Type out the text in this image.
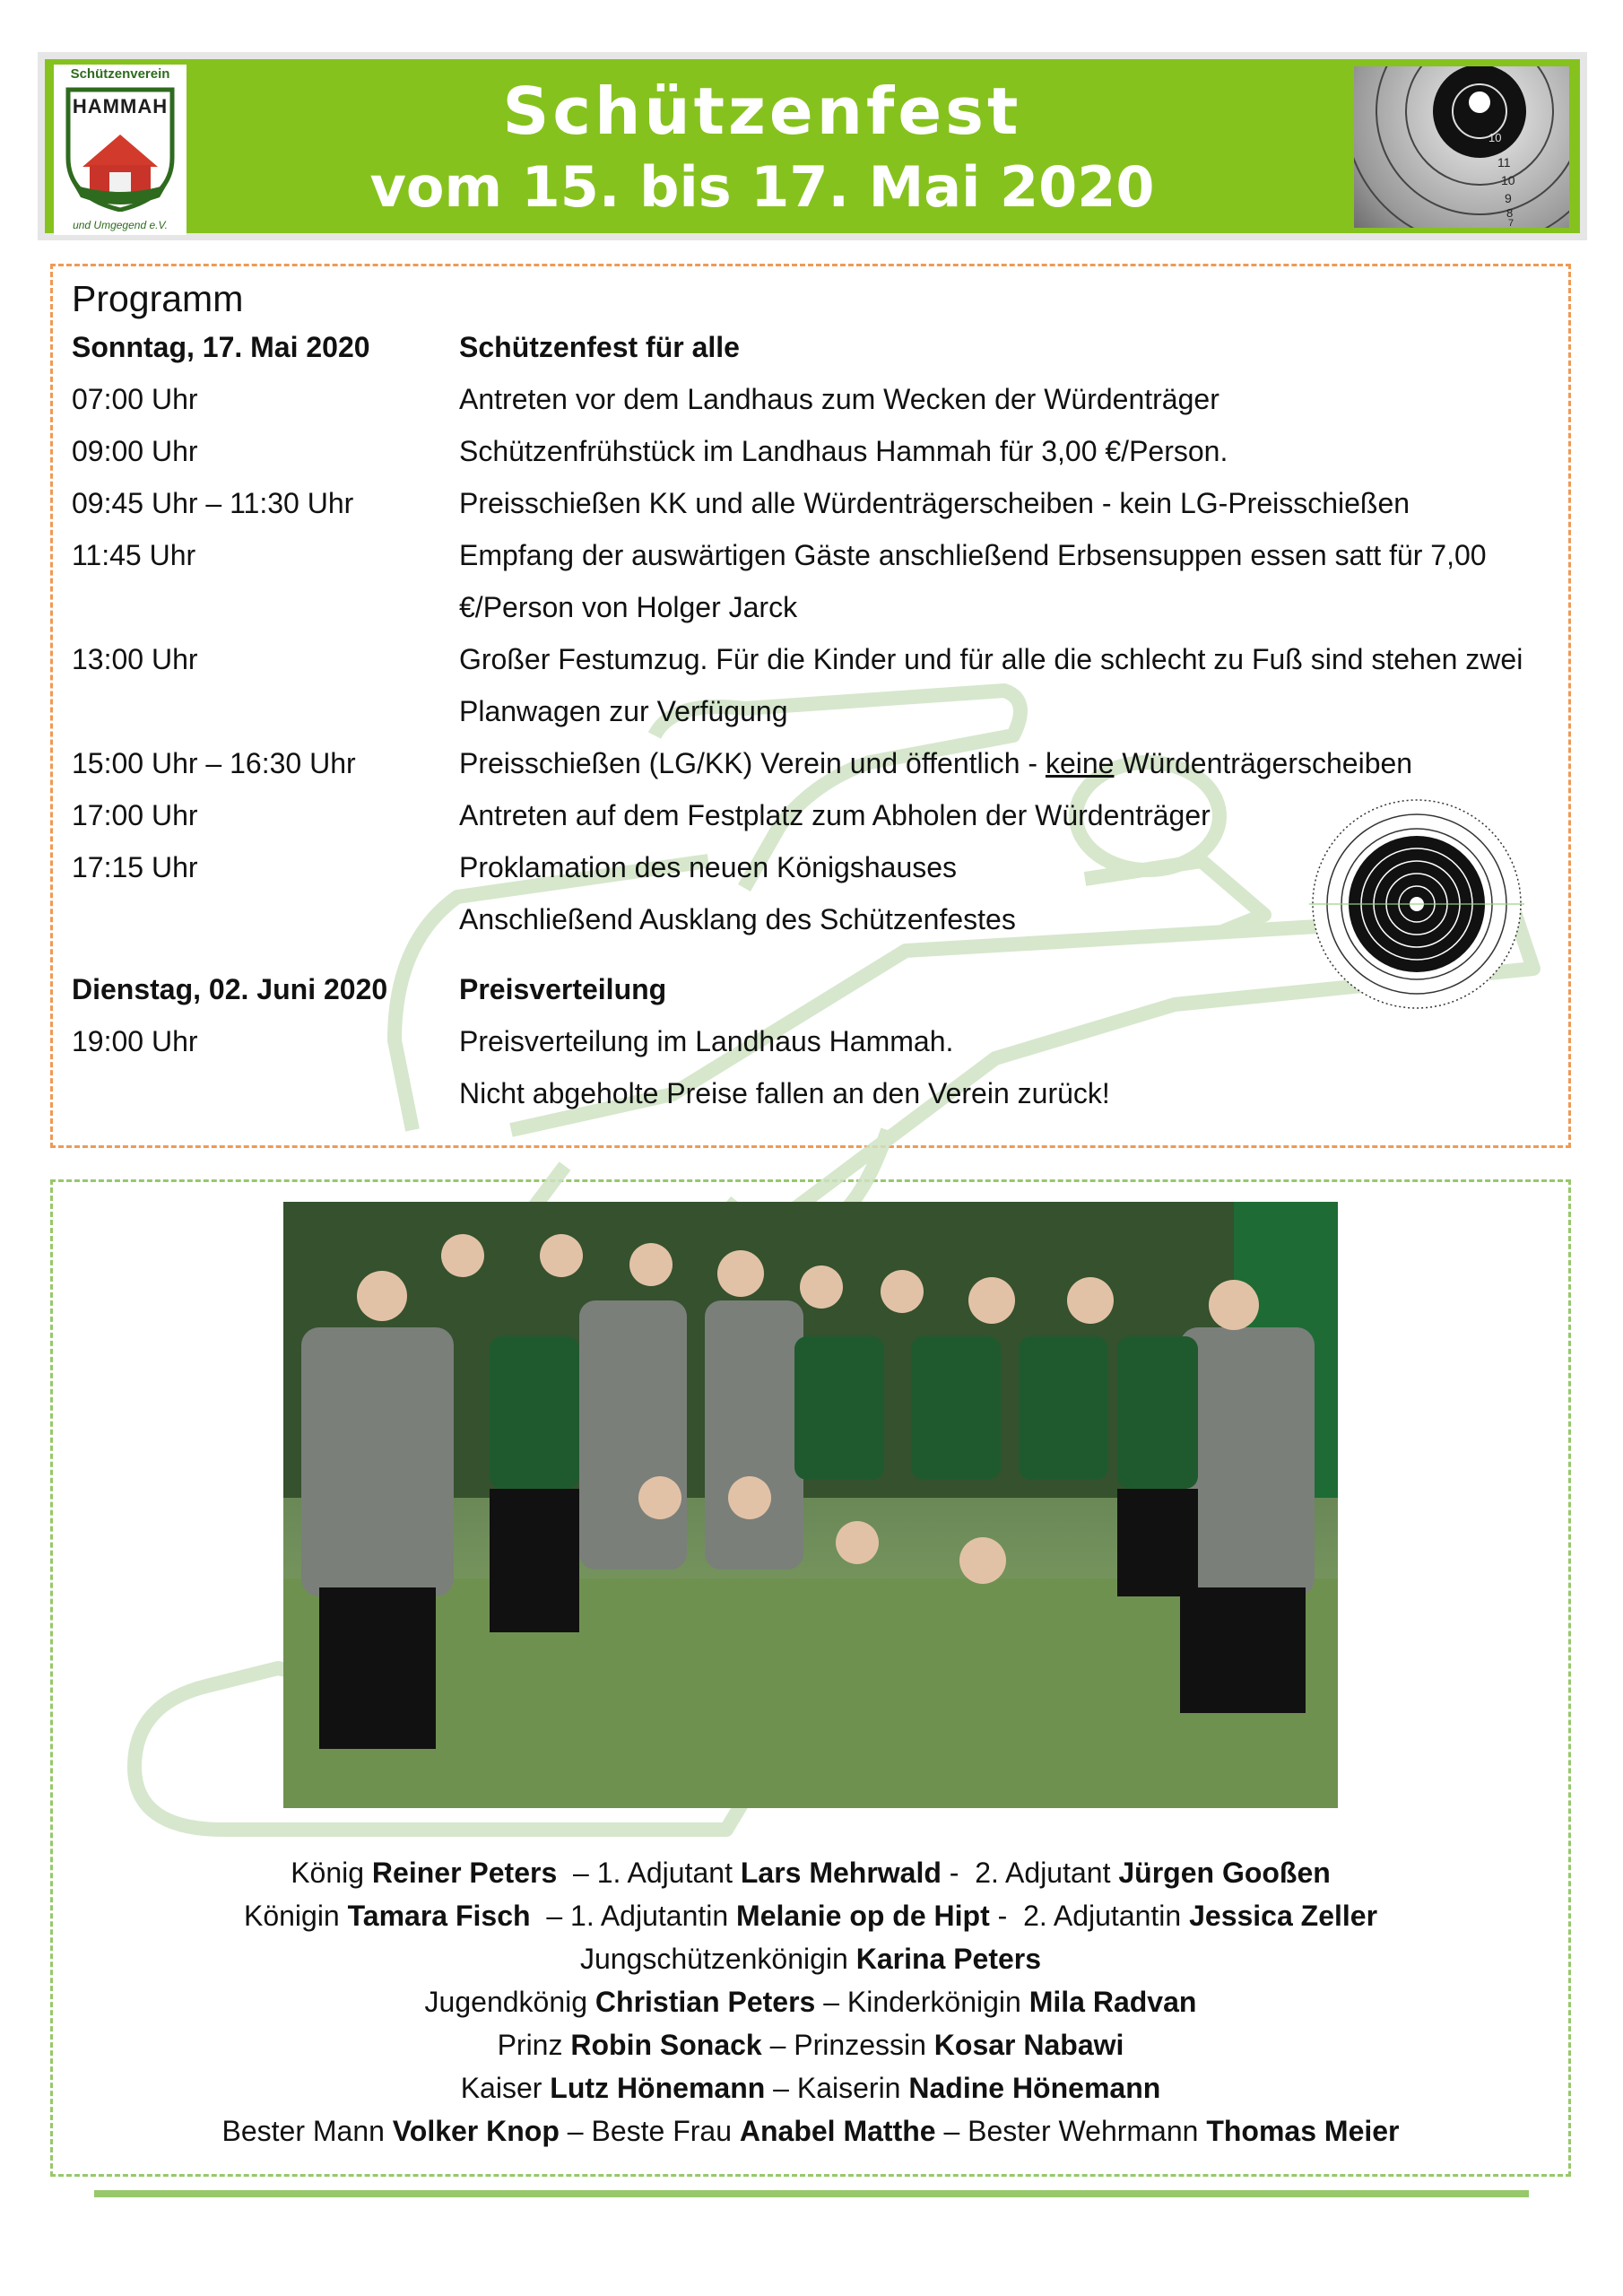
Schützenverein
HAMMAH
und Umgegend e.V.
Schützenfest
vom 15. bis 17. Mai 2020
10
11
10
9
8
7
Programm
Sonntag, 17. Mai 2020	Schützenfest für alle
07:00 Uhr	Antreten vor dem Landhaus zum Wecken der Würdenträger
09:00 Uhr	Schützenfrühstück im Landhaus Hammah für 3,00 €/Person.
09:45 Uhr – 11:30 Uhr	Preisschießen KK und alle Würdenträgerscheiben - kein LG-Preisschießen
11:45 Uhr	Empfang der auswärtigen Gäste anschließend Erbsensuppen essen satt für 7,00 €/Person von Holger Jarck
13:00 Uhr	Großer Festumzug. Für die Kinder und für alle die schlecht zu Fuß sind stehen zwei Planwagen zur Verfügung
15:00 Uhr – 16:30 Uhr	Preisschießen (LG/KK) Verein und öffentlich - keine Würdenträgerscheiben
17:00 Uhr	Antreten auf dem Festplatz zum Abholen der Würdenträger
17:15 Uhr	Proklamation des neuen Königshauses
Anschließend Ausklang des Schützenfestes
Dienstag, 02. Juni 2020	Preisverteilung
19:00 Uhr	Preisverteilung im Landhaus Hammah.
Nicht abgeholte Preise fallen an den Verein zurück!
König Reiner Peters  – 1. Adjutant Lars Mehrwald -  2. Adjutant Jürgen Gooßen
Königin Tamara Fisch  – 1. Adjutantin Melanie op de Hipt -  2. Adjutantin Jessica Zeller
Jungschützenkönigin Karina Peters
Jugendkönig Christian Peters – Kinderkönigin Mila Radvan
Prinz Robin Sonack – Prinzessin Kosar Nabawi
Kaiser Lutz Hönemann – Kaiserin Nadine Hönemann
Bester Mann Volker Knop – Beste Frau Anabel Matthe – Bester Wehrmann Thomas Meier
